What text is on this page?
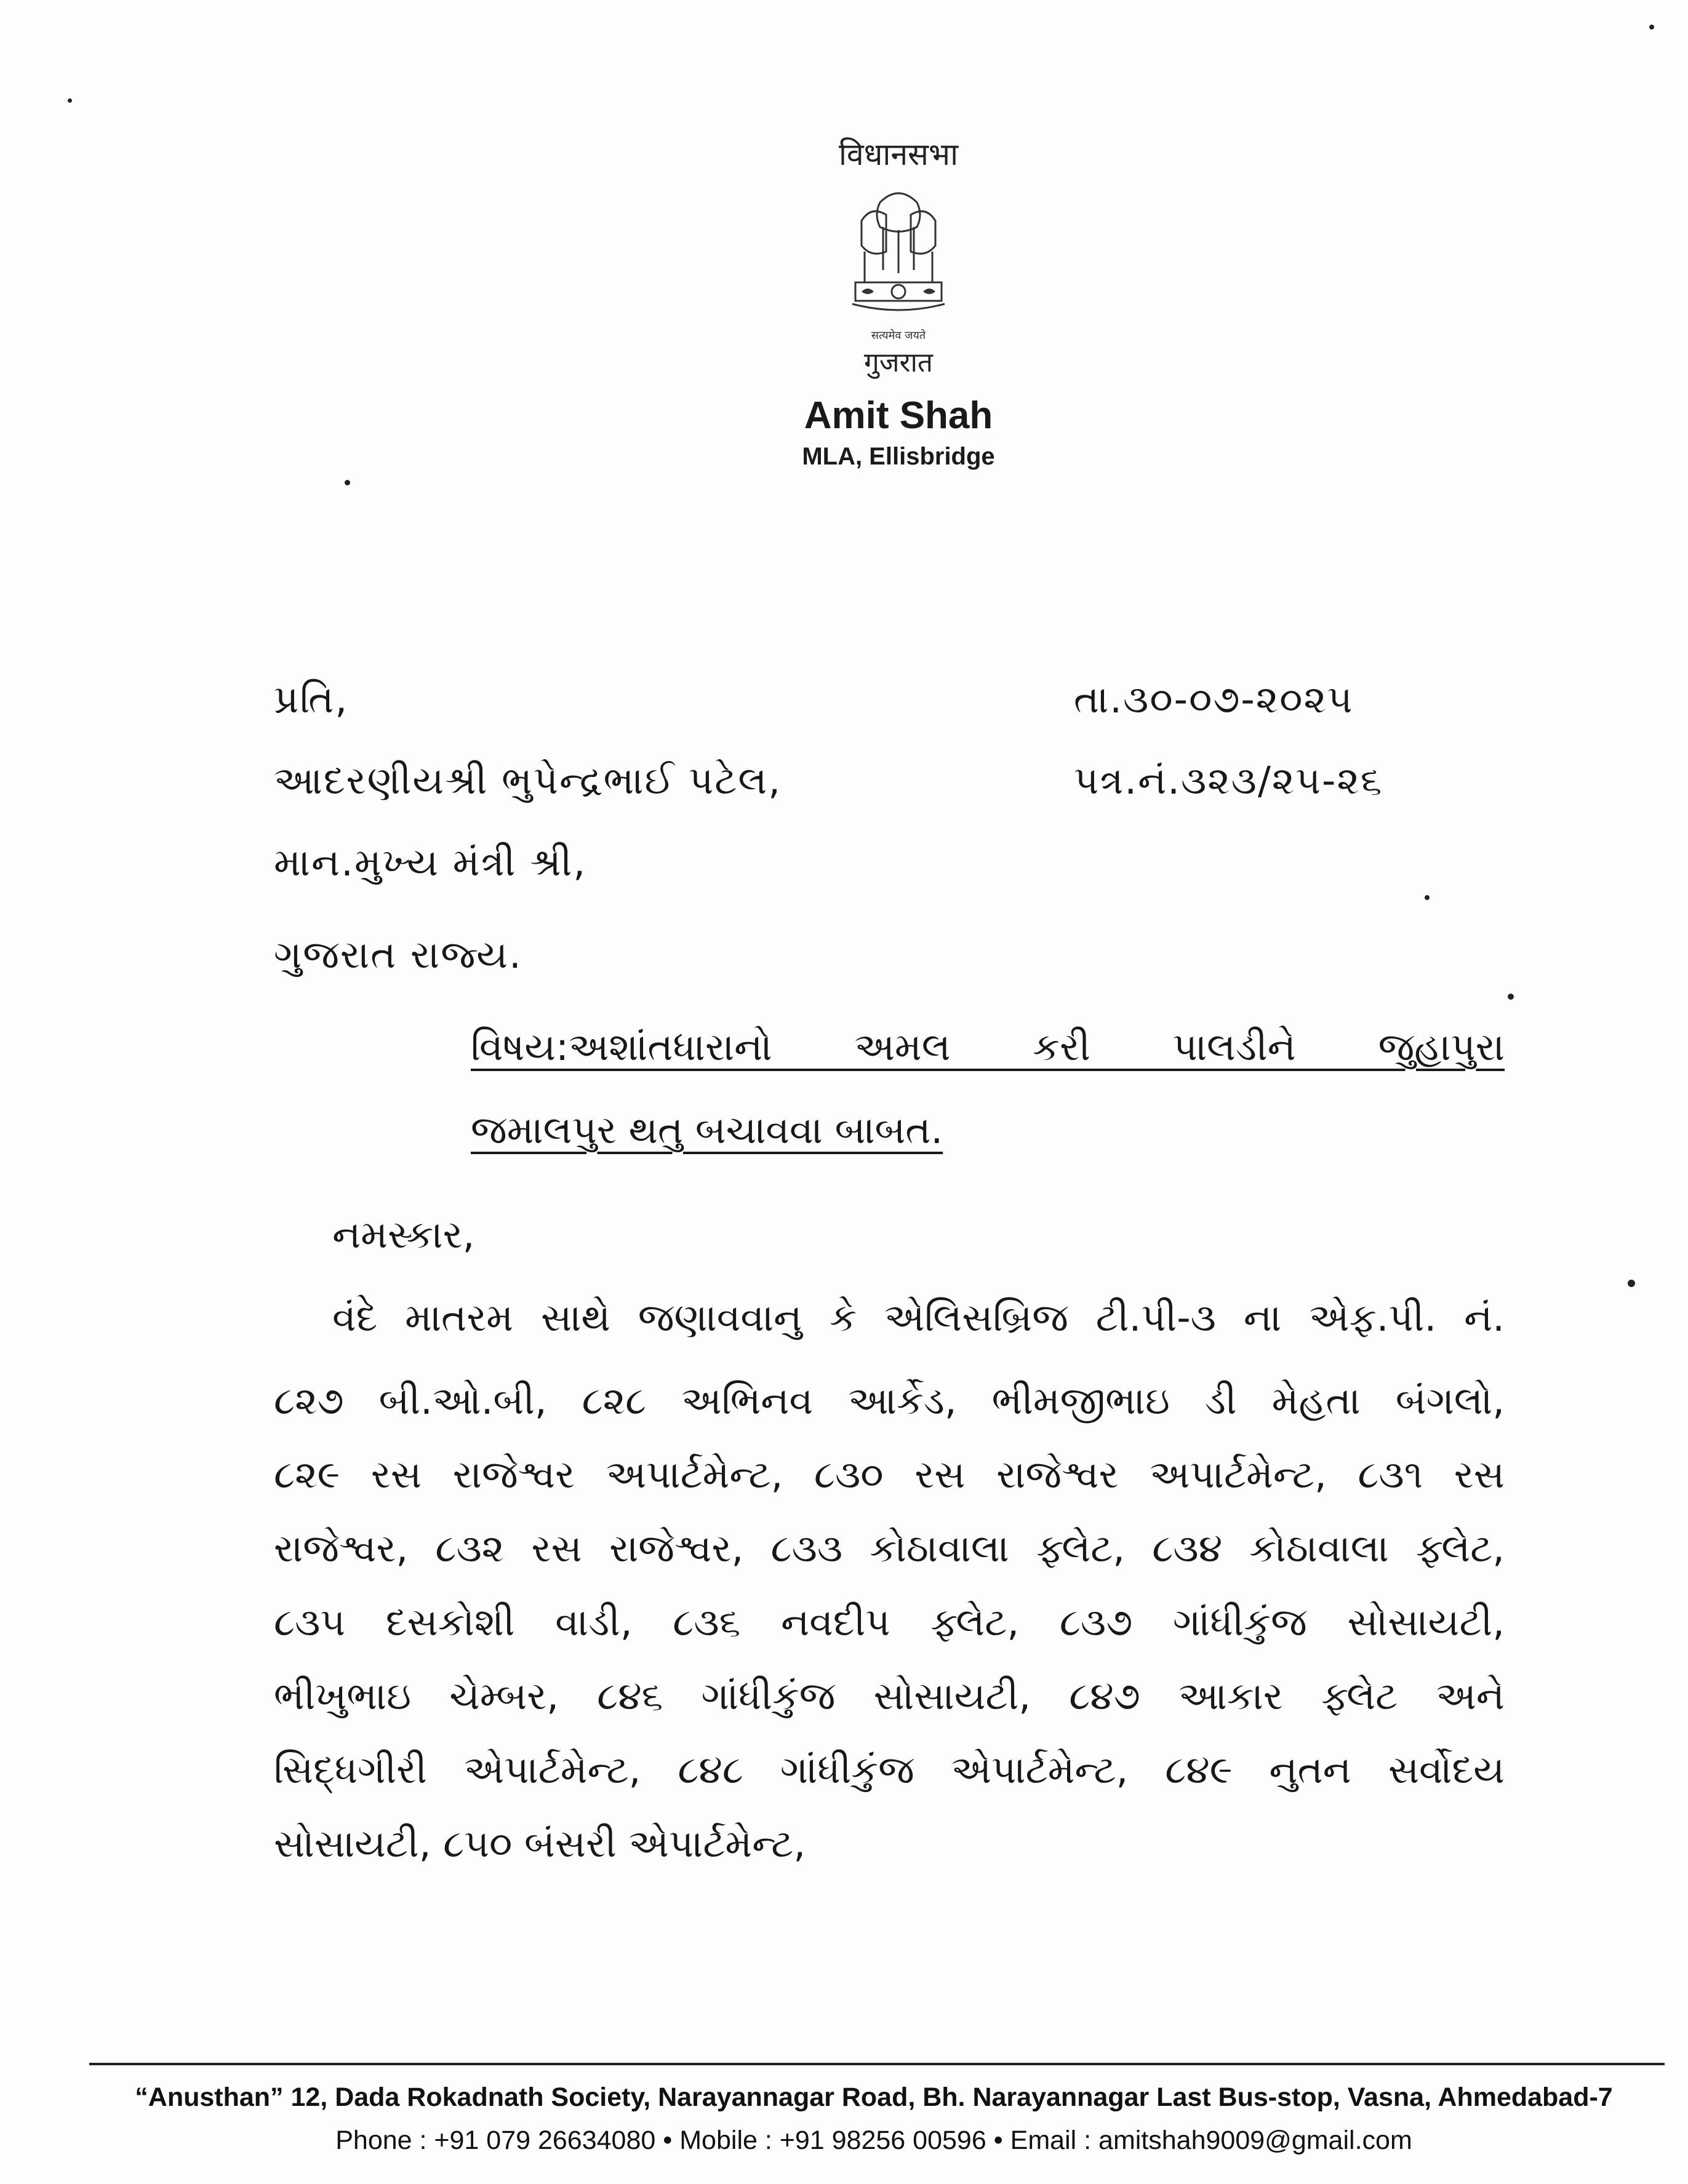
विधानसभा
सत्यमेव जयते
गुजरात
Amit Shah
MLA, Ellisbridge
પ્રતિ,
આદરણીયશ્રી ભુપેન્દ્રભાઈ પટેલ,
માન.મુખ્ય મંત્રી શ્રી,
ગુજરાત રાજ્ય.
તા.૩૦-૦૭-૨૦૨૫
પત્ર.નં.૩૨૩/૨૫-૨૬
વિષય:અશાંતધારાનો અમલ કરી પાલડીને જુહાપુરા
જમાલપુર થતુ બચાવવા બાબત.
નમસ્કાર,
વંદે માતરમ સાથે જણાવવાનુ કે એલિસબ્રિજ ટી.પી-૩ ના એફ.પી. નં.
૮૨૭ બી.ઓ.બી, ૮૨૮ અભિનવ આર્કેડ, ભીમજીભાઇ ડી મેહતા બંગલો,
૮૨૯ રસ રાજેશ્વર અપાર્ટમેન્ટ, ૮૩૦ રસ રાજેશ્વર અપાર્ટમેન્ટ, ૮૩૧ રસ
રાજેશ્વર, ૮૩૨ રસ રાજેશ્વર, ૮૩૩ કોઠાવાલા ફ્લેટ, ૮૩૪ કોઠાવાલા ફ્લેટ,
૮૩૫ દસકોશી વાડી, ૮૩૬ નવદીપ ફ્લેટ, ૮૩૭ ગાંધીકુંજ સોસાયટી,
ભીખુભાઇ ચેમ્બર, ૮૪૬ ગાંધીકુંજ સોસાયટી, ૮૪૭ આકાર ફ્લેટ અને
સિદ્ધગીરી એપાર્ટમેન્ટ, ૮૪૮ ગાંધીકુંજ એપાર્ટમેન્ટ, ૮૪૯ નુતન સર્વોદય
સોસાયટી, ૮૫૦ બંસરી એપાર્ટમેન્ટ,
“Anusthan” 12, Dada Rokadnath Society, Narayannagar Road, Bh. Narayannagar Last Bus-stop, Vasna, Ahmedabad-7
Phone : +91 079 26634080 • Mobile : +91 98256 00596 • Email : amitshah9009@gmail.com
